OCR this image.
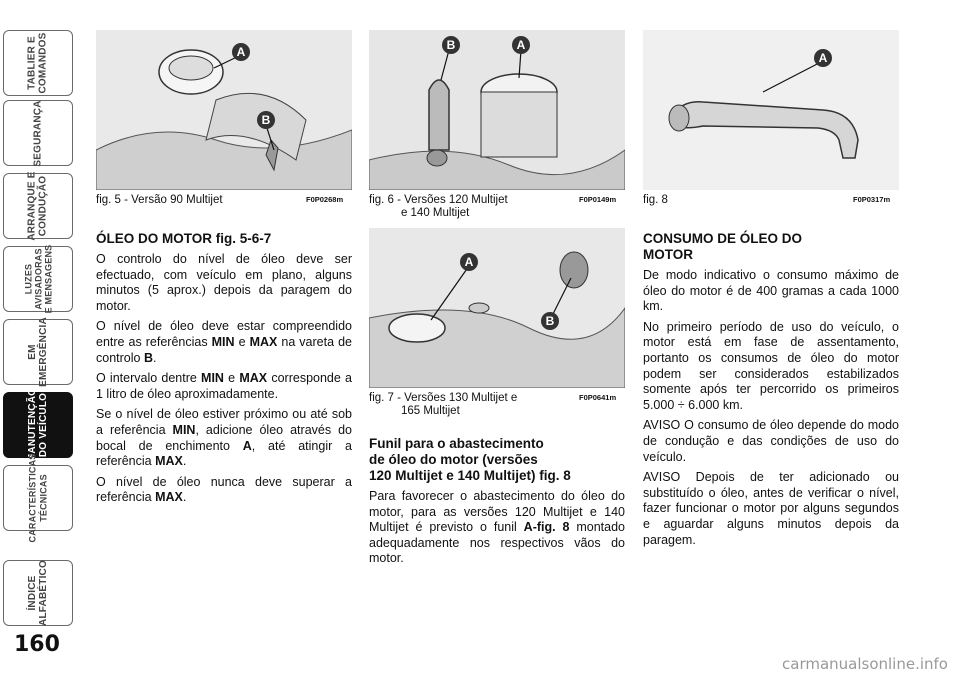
TABLIER E
COMANDOS
SEGURANÇA
ARRANQUE E
CONDUÇÃO
LUZES
AVISADORAS
E MENSAGENS
EM
EMERGÊNCIA
MANUTENÇÃO
DO VEÍCULO
CARACTERÍSTICAS
TÉCNICAS
ÍNDICE
ALFABÉTICO
160
A
B
fig. 5 - Versão 90 Multijet	F0P0268m
B	A
fig. 6 - Versões 120 Multijet
e 140 Multijet
F0P0149m
A
B
fig. 7 - Versões 130 Multijet e
165 Multijet
F0P0641m
A
fig. 8	F0P0317m
ÓLEO DO MOTOR fig. 5-6-7

O controlo do nível de óleo deve ser efectuado, com veículo em plano, alguns minutos (5 aprox.) depois da paragem do motor.

O nível de óleo deve estar compreendido entre as referências MIN e MAX na vareta de controlo B.

O intervalo dentre MIN e MAX corresponde a 1 litro de óleo aproximadamente.

Se o nível de óleo estiver próximo ou até sob a referência MIN, adicione óleo através do bocal de enchimento A, até atingir a referência MAX.

O nível de óleo nunca deve superar a referência MAX.

Funil para o abastecimento
de óleo do motor (versões
120 Multijet e 140 Multijet) fig. 8

Para favorecer o abastecimento do óleo do motor, para as versões 120 Multijet e 140 Multijet é previsto o funil A-fig. 8 montado adequadamente nos respectivos vãos do motor.

CONSUMO DE ÓLEO DO
MOTOR

De modo indicativo o consumo máximo de óleo do motor é de 400 gramas a cada 1000 km.

No primeiro período de uso do veículo, o motor está em fase de assentamento, portanto os consumos de óleo do motor podem ser considerados estabilizados somente após ter percorrido os primeiros 5.000 ÷ 6.000 km.

AVISO O consumo de óleo depende do modo de condução e das condições de uso do veículo.

AVISO Depois de ter adicionado ou substituído o óleo, antes de verificar o nível, fazer funcionar o motor por alguns segundos e aguardar alguns minutos depois da paragem.

carmanualsonline.info
